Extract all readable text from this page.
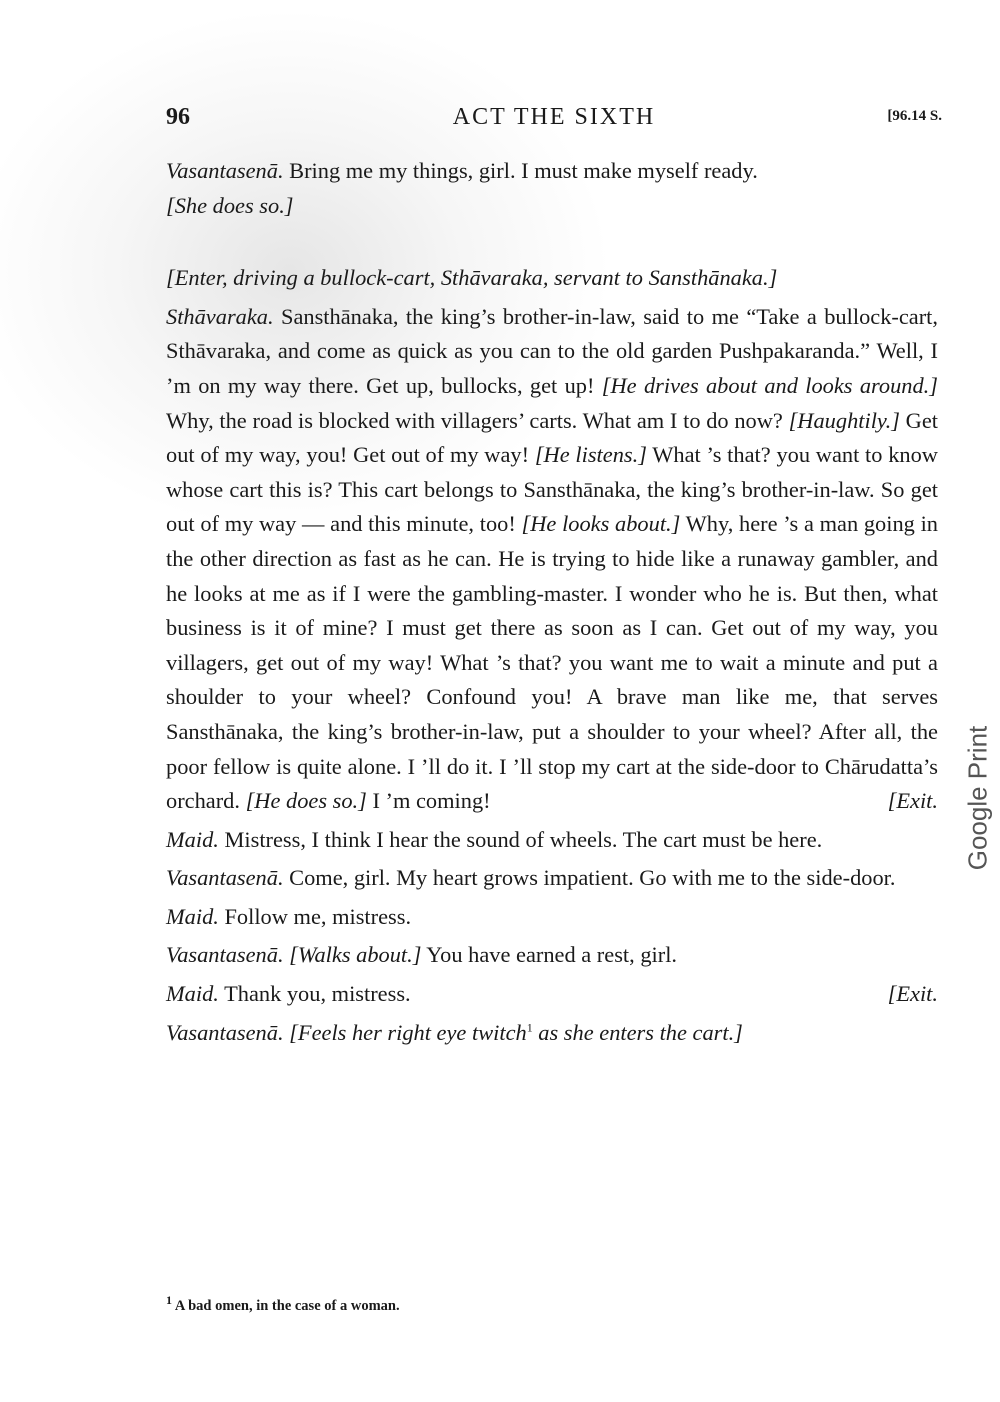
96	ACT THE SIXTH	[96.14 S.

Vasantasenā. Bring me my things, girl. I must make myself ready.
[She does so.]

[Enter, driving a bullock-cart, Sthāvaraka, servant to Sansthānaka.]

Sthāvaraka. Sansthānaka, the king’s brother-in-law, said to me “Take a bullock-cart, Sthāvaraka, and come as quick as you can to the old garden Pushpakaranda.” Well, I ’m on my way there. Get up, bullocks, get up! [He drives about and looks around.] Why, the road is blocked with villagers’ carts. What am I to do now? [Haughtily.] Get out of my way, you! Get out of my way! [He listens.] What ’s that? you want to know whose cart this is? This cart belongs to Sansthānaka, the king’s brother-in-law. So get out of my way — and this minute, too! [He looks about.] Why, here ’s a man going in the other direction as fast as he can. He is trying to hide like a runaway gambler, and he looks at me as if I were the gambling-master. I wonder who he is. But then, what business is it of mine? I must get there as soon as I can. Get out of my way, you villagers, get out of my way! What ’s that? you want me to wait a minute and put a shoulder to your wheel? Confound you! A brave man like me, that serves Sansthānaka, the king’s brother-in-law, put a shoulder to your wheel? After all, the poor fellow is quite alone. I ’ll do it. I ’ll stop my cart at the side-door to Chārudatta’s orchard. [He does so.] I ’m coming!	[Exit.

Maid. Mistress, I think I hear the sound of wheels. The cart must be here.

Vasantasenā. Come, girl. My heart grows impatient. Go with me to the side-door.

Maid. Follow me, mistress.

Vasantasenā. [Walks about.] You have earned a rest, girl.

Maid. Thank you, mistress.	[Exit.

Vasantasenā. [Feels her right eye twitch$^1$ as she enters the cart.]

$^1$ A bad omen, in the case of a woman.
Google Print
